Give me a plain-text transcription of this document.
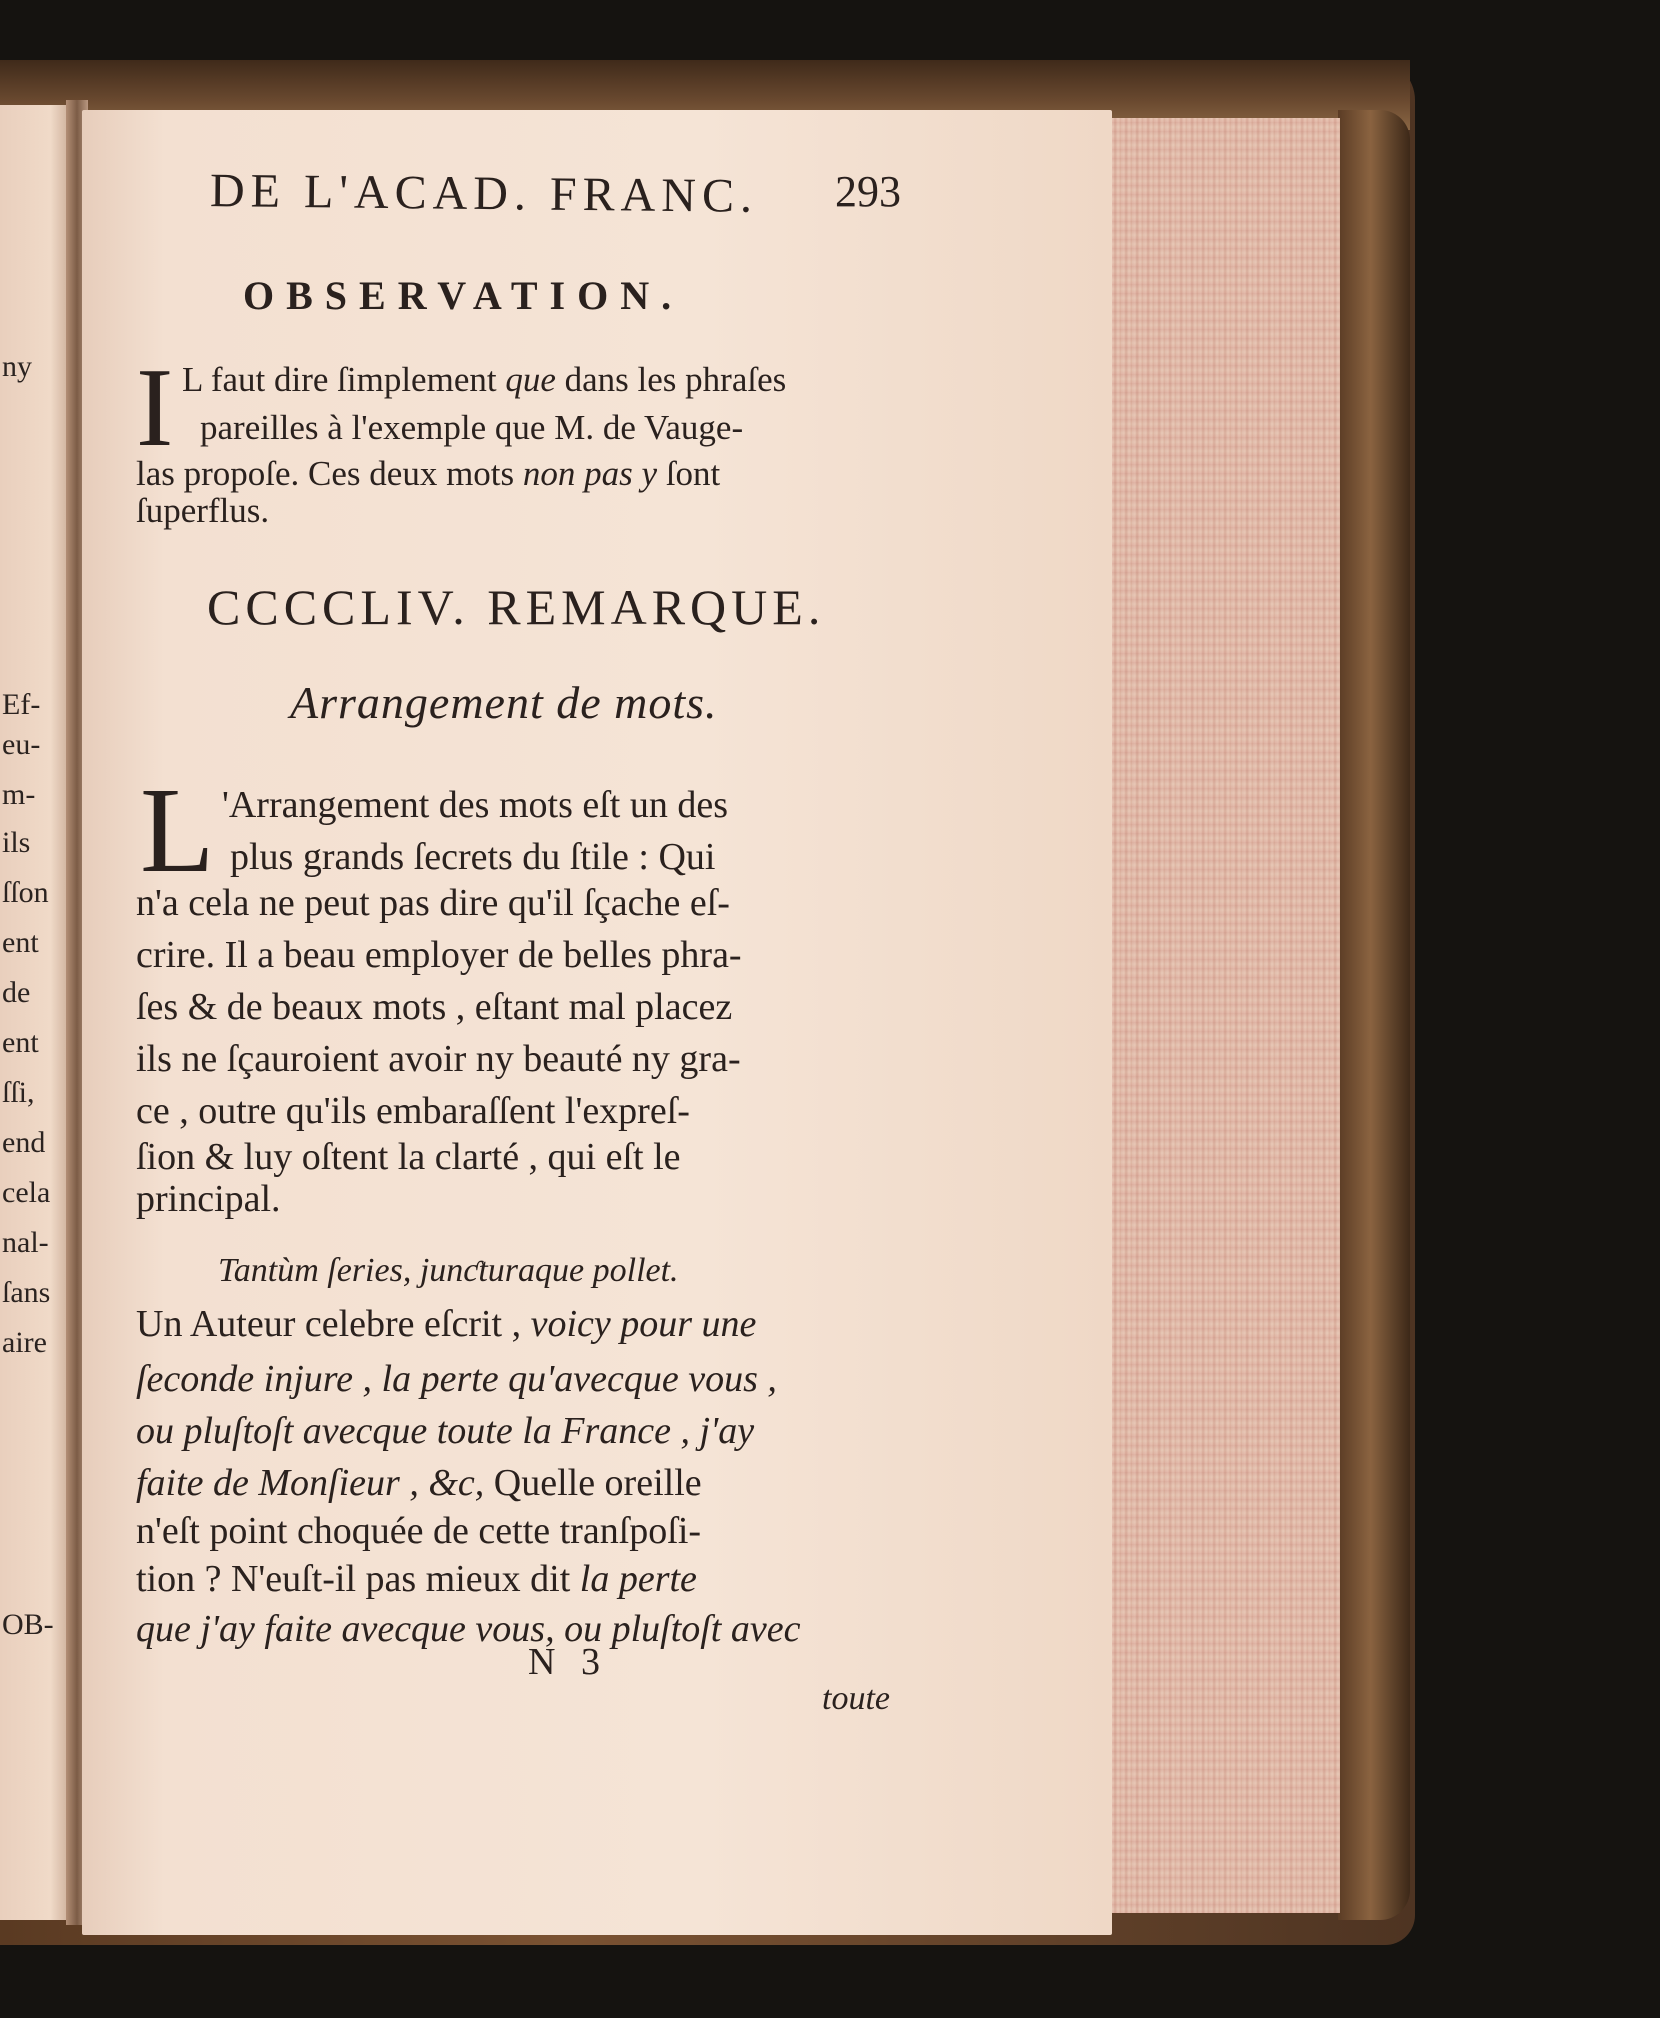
ny
Ef-
eu-
m-
ils
ſſon
ent
de
ent
ſſi,
end
cela
nal-
ſans
aire
OB-
DE L'ACAD. FRANC. 293
OBSERVATION.
I L faut dire ſimplement que dans les phraſes
pareilles à l'exemple que M. de Vauge-
las propoſe. Ces deux mots non pas y ſont
ſuperflus.
CCCCLIV. REMARQUE.
Arrangement de mots.
L 'Arrangement des mots eſt un des
plus grands ſecrets du ſtile : Qui
n'a cela ne peut pas dire qu'il ſçache eſ-
crire. Il a beau employer de belles phra-
ſes & de beaux mots , eſtant mal placez
ils ne ſçauroient avoir ny beauté ny gra-
ce , outre qu'ils embaraſſent l'expreſ-
ſion & luy oſtent la clarté , qui eſt le
principal.
Tantùm ſeries, junƈturaque pollet.
Un Auteur celebre eſcrit , voicy pour une
ſeconde injure , la perte qu'avecque vous ,
ou pluſtoſt avecque toute la France , j'ay
faite de Monſieur , &c, Quelle oreille
n'eſt point choquée de cette tranſpoſi-
tion ? N'euſt-il pas mieux dit la perte
que j'ay faite avecque vous, ou pluſtoſt avec
N 3
toute
